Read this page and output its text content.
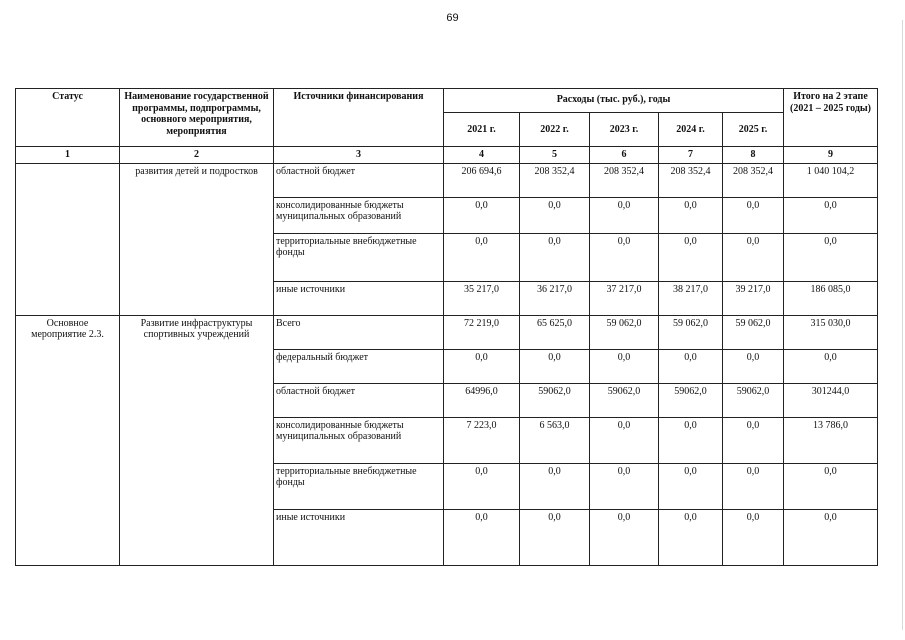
69
Статус	Наименование государственной программы, подпрограммы, основного мероприятия, мероприятия	Источники финансирования	Расходы (тыс. руб.), годы					Итого на 2 этапе (2021 – 2025 годы)
			2021 г.	2022 г.	2023 г.	2024 г.	2025 г.	
1	2	3	4	5	6	7	8	9
	развития детей и подростков	областной бюджет	206 694,6	208 352,4	208 352,4	208 352,4	208 352,4	1 040 104,2
		консолидированные бюджеты муниципальных образований	0,0	0,0	0,0	0,0	0,0	0,0
		территориальные внебюджетные фонды	0,0	0,0	0,0	0,0	0,0	0,0
		иные источники	35 217,0	36 217,0	37 217,0	38 217,0	39 217,0	186 085,0
Основное мероприятие 2.3.	Развитие инфраструктуры спортивных учреждений	Всего	72 219,0	65 625,0	59 062,0	59 062,0	59 062,0	315 030,0
		федеральный бюджет	0,0	0,0	0,0	0,0	0,0	0,0
		областной бюджет	64996,0	59062,0	59062,0	59062,0	59062,0	301244,0
		консолидированные бюджеты муниципальных образований	7 223,0	6 563,0	0,0	0,0	0,0	13 786,0
		территориальные внебюджетные фонды	0,0	0,0	0,0	0,0	0,0	0,0
		иные источники	0,0	0,0	0,0	0,0	0,0	0,0
